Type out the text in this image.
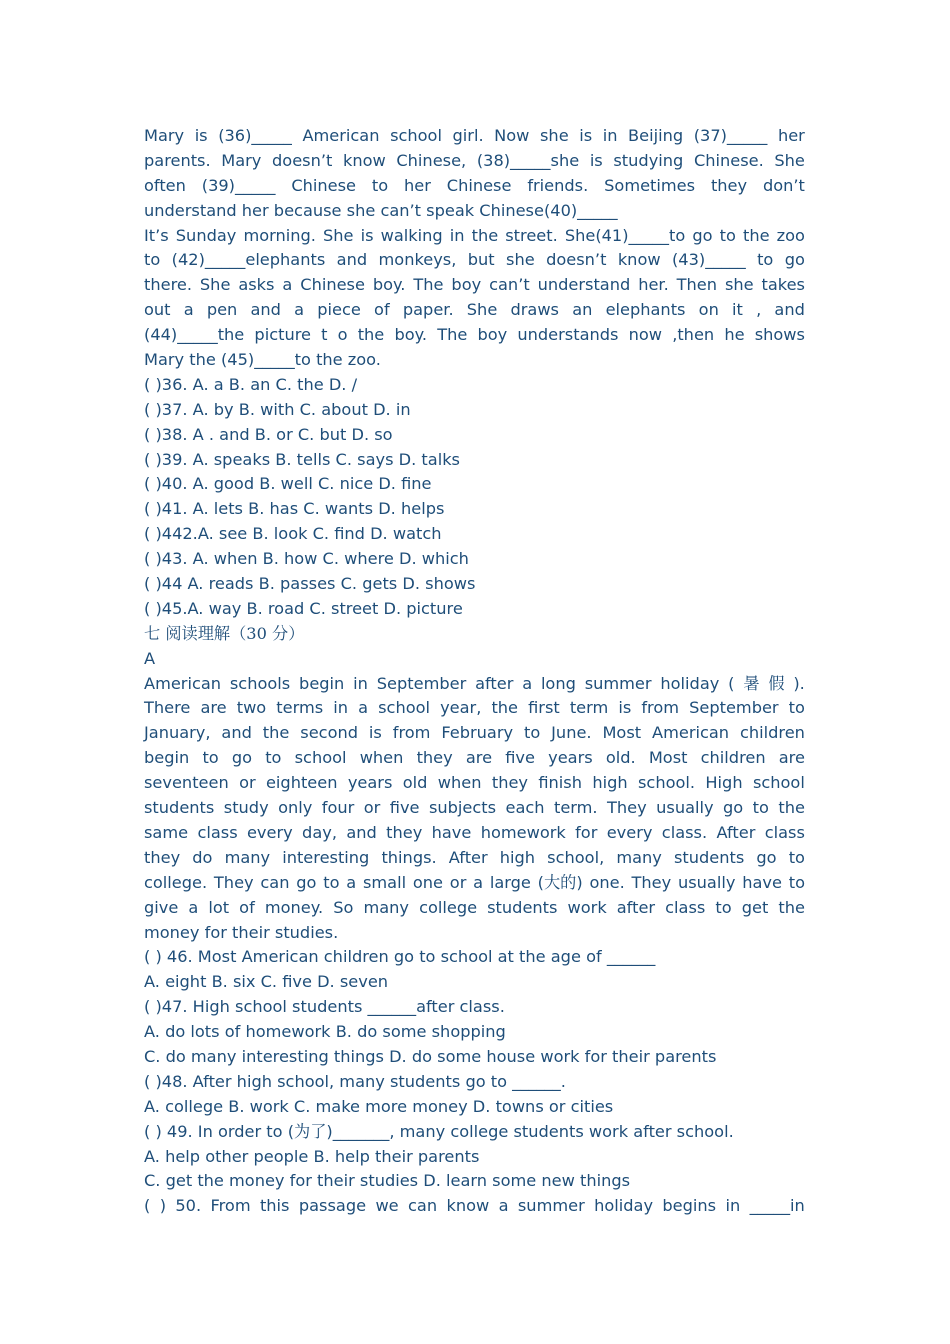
Mary is (36)_____ American school girl. Now she is in Beijing (37)_____ her
parents. Mary doesn’t know Chinese, (38)_____she is studying Chinese. She
often (39)_____ Chinese to her Chinese friends. Sometimes they don’t
understand her because she can’t speak Chinese(40)_____
It’s Sunday morning. She is walking in the street. She(41)_____to go to the zoo
to (42)_____elephants and monkeys, but she doesn’t know (43)_____ to go
there. She asks a Chinese boy. The boy can’t understand her. Then she takes
out a pen and a piece of paper. She draws an elephants on it , and
(44)_____the picture t o the boy. The boy understands now ,then he shows
Mary the (45)_____to the zoo.
( )36. A. a B. an C. the D. /
( )37. A. by B. with C. about D. in
( )38. A . and B. or C. but D. so
( )39. A. speaks B. tells C. says D. talks
( )40. A. good B. well C. nice D. fine
( )41. A. lets B. has C. wants D. helps
( )442.A. see B. look C. find D. watch
( )43. A. when B. how C. where D. which
( )44 A. reads B. passes C. gets D. shows
( )45.A. way B. road C. street D. picture
七 阅读理解（30 分）
A
American schools begin in September after a long summer holiday ( 暑 假 ).
There are two terms in a school year, the first term is from September to
January, and the second is from February to June. Most American children
begin to go to school when they are five years old. Most children are
seventeen or eighteen years old when they finish high school. High school
students study only four or five subjects each term. They usually go to the
same class every day, and they have homework for every class. After class
they do many interesting things. After high school, many students go to
college. They can go to a small one or a large (大的) one. They usually have to
give a lot of money. So many college students work after class to get the
money for their studies.
( ) 46. Most American children go to school at the age of ______
A. eight B. six C. five D. seven
( )47. High school students ______after class.
A. do lots of homework B. do some shopping
C. do many interesting things D. do some house work for their parents
( )48. After high school, many students go to ______.
A. college B. work C. make more money D. towns or cities
( ) 49. In order to (为了)_______, many college students work after school.
A. help other people B. help their parents
C. get the money for their studies D. learn some new things
( ) 50. From this passage we can know a summer holiday begins in _____in
